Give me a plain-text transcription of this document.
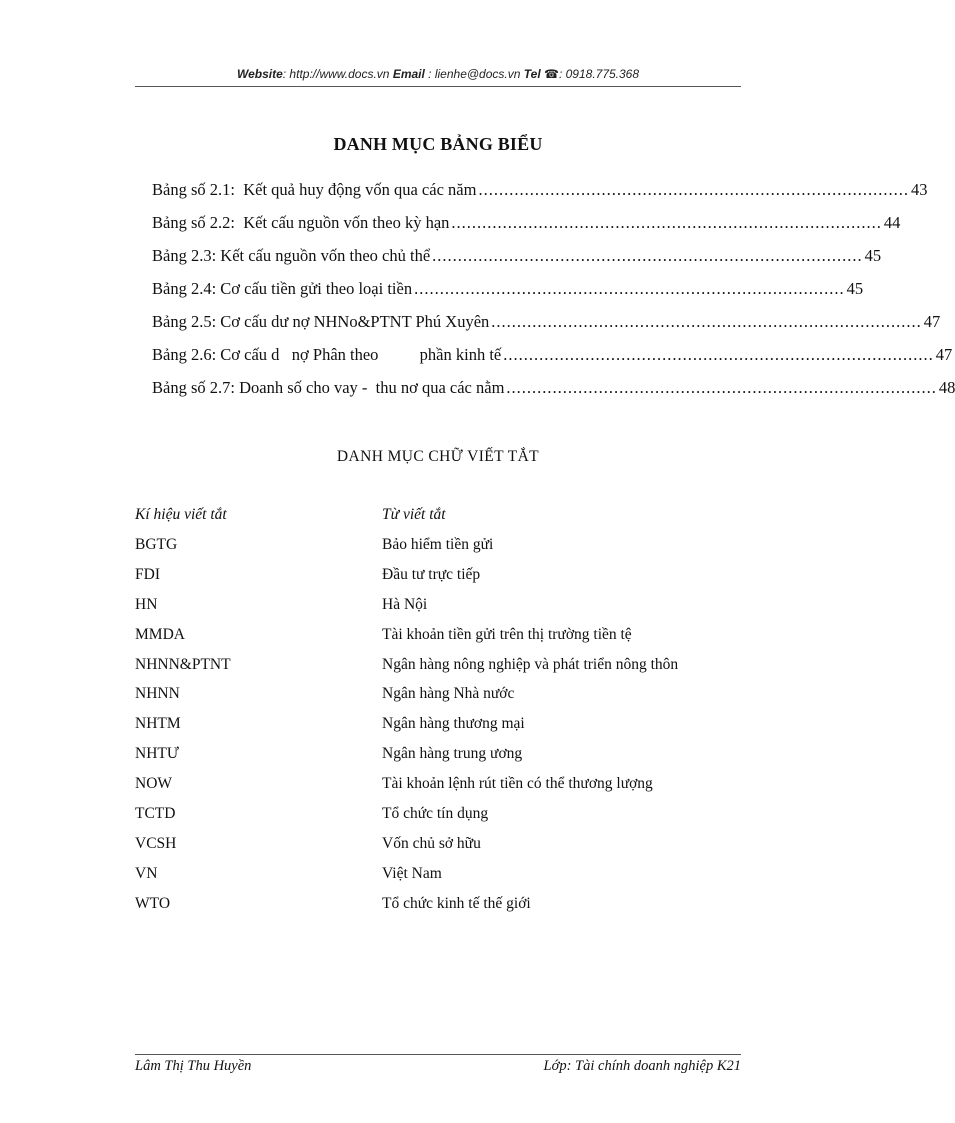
Website: http://www.docs.vn Email : lienhe@docs.vn Tel ☎: 0918.775.368
DANH MỤC BẢNG BIỂU
Bảng số 2.1:  Kết quả huy động vốn qua các năm .................................................................................... 43
Bảng số 2.2:  Kết cấu nguồn vốn theo kỳ hạn .................................................................................... 44
Bảng 2.3: Kết cấu nguồn vốn theo chủ thể .................................................................................... 45
Bảng 2.4: Cơ cấu tiền gửi theo loại tiền .................................................................................... 45
Bảng 2.5: Cơ cấu dư nợ NHNo&PTNT Phú Xuyên .................................................................................... 47
Bảng 2.6: Cơ cấu d   nợ Phân theo          phần kinh tế .................................................................................... 47
Bảng số 2.7: Doanh số cho vay -  thu nơ qua các nằm .................................................................................... 48
DANH MỤC CHỮ VIẾT TẮT
Kí hiệu viết tắt	Từ viết tắt
BGTG	Bảo hiểm tiền gửi
FDI	Đầu tư trực tiếp
HN	Hà Nội
MMDA	Tài khoản tiền gửi trên thị trường tiền tệ
NHNN&PTNT	Ngân hàng nông nghiệp và phát triển nông thôn
NHNN	Ngân hàng Nhà nước
NHTM	Ngân hàng thương mại
NHTƯ	Ngân hàng trung ương
NOW	Tài khoản lệnh rút tiền có thể thương lượng
TCTD	Tổ chức tín dụng
VCSH	Vốn chủ sở hữu
VN	Việt Nam
WTO	Tổ chức kinh tế thế giới
Lâm Thị Thu Huyền	Lớp: Tài chính doanh nghiệp K21
